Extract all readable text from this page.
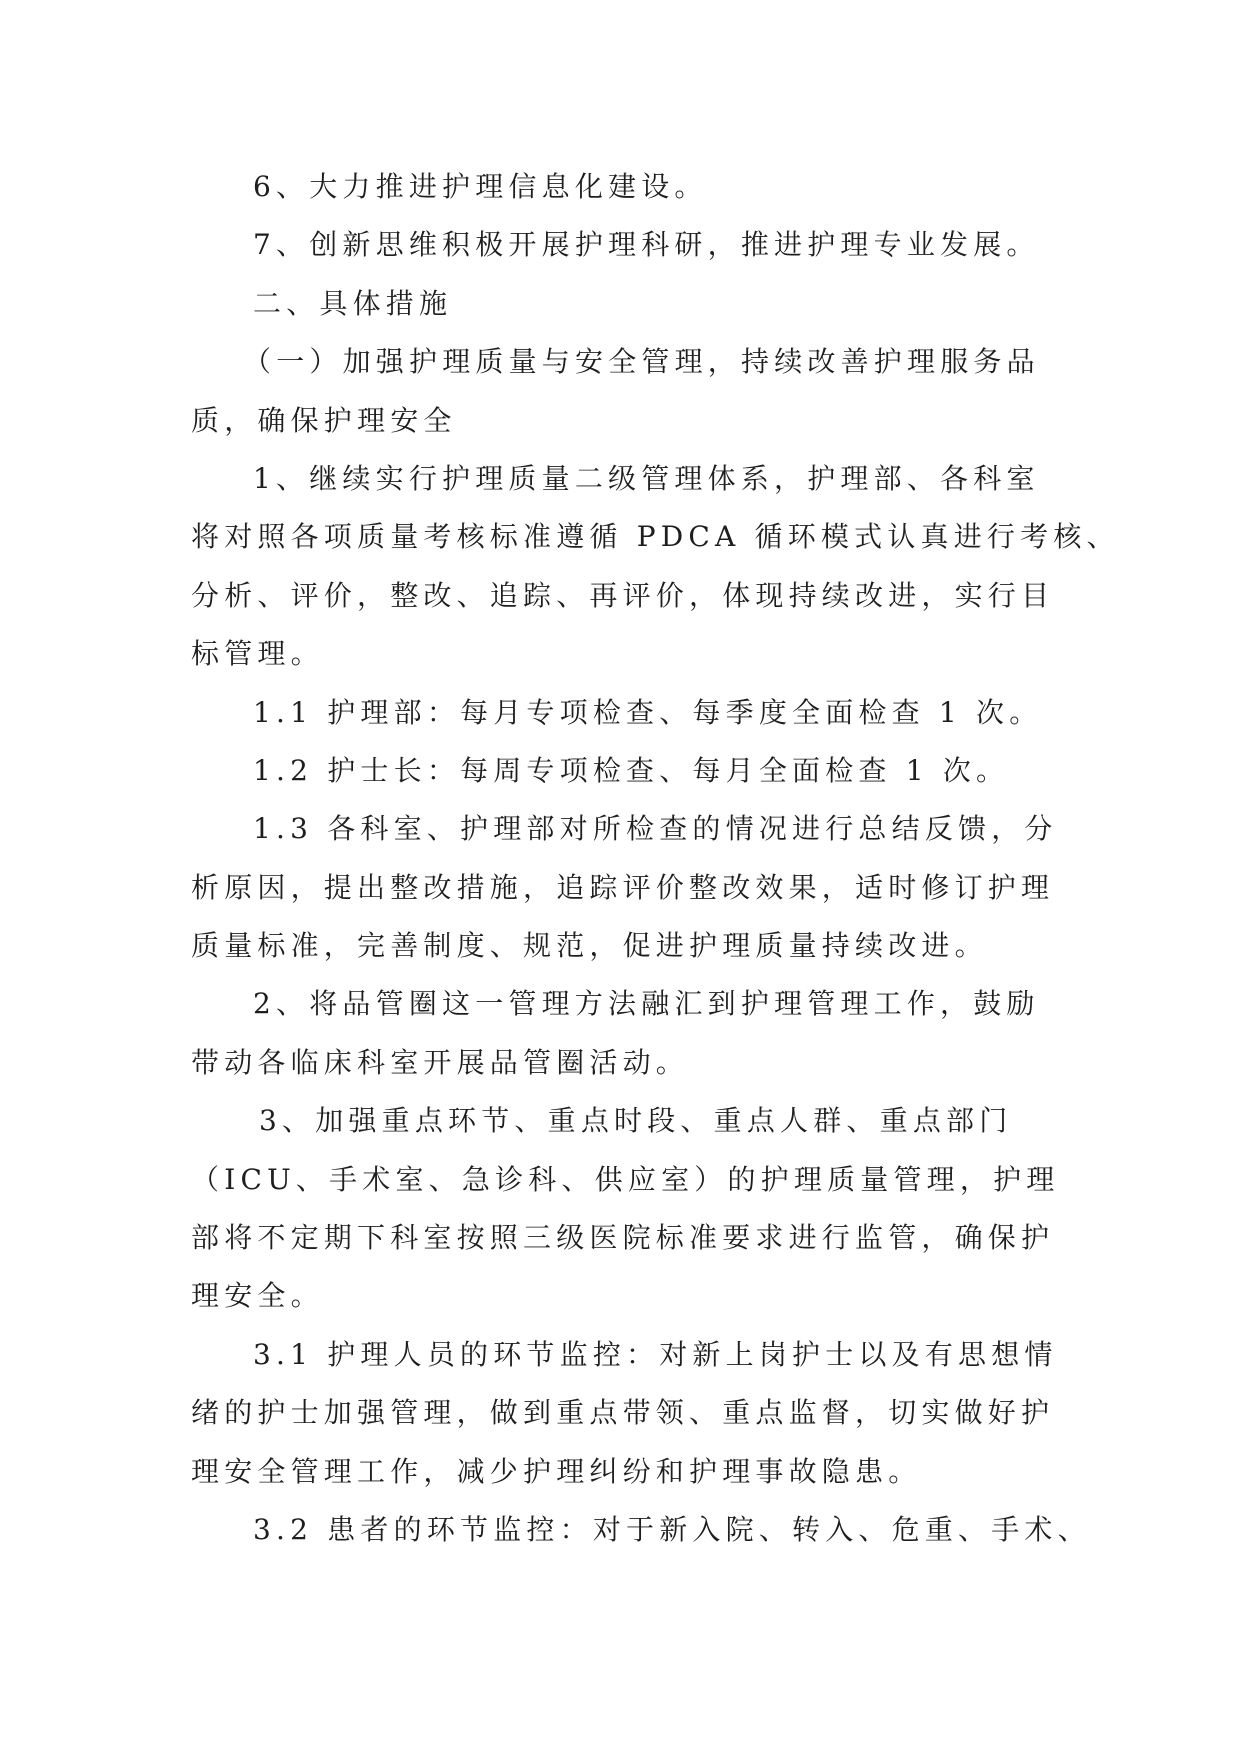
6、大力推进护理信息化建设。
7、创新思维积极开展护理科研，推进护理专业发展。
二、具体措施
（一）加强护理质量与安全管理，持续改善护理服务品
质，确保护理安全
1、继续实行护理质量二级管理体系，护理部、各科室
将对照各项质量考核标准遵循 PDCA 循环模式认真进行考核、
分析、评价，整改、追踪、再评价，体现持续改进，实行目
标管理。
1.1 护理部：每月专项检查、每季度全面检查 1 次。
1.2 护士长：每周专项检查、每月全面检查 1 次。
1.3 各科室、护理部对所检查的情况进行总结反馈，分
析原因，提出整改措施，追踪评价整改效果，适时修订护理
质量标准，完善制度、规范，促进护理质量持续改进。
2、将品管圈这一管理方法融汇到护理管理工作，鼓励
带动各临床科室开展品管圈活动。
3、加强重点环节、重点时段、重点人群、重点部门
（ICU、手术室、急诊科、供应室）的护理质量管理，护理
部将不定期下科室按照三级医院标准要求进行监管，确保护
理安全。
3.1 护理人员的环节监控：对新上岗护士以及有思想情
绪的护士加强管理，做到重点带领、重点监督，切实做好护
理安全管理工作，减少护理纠纷和护理事故隐患。
3.2 患者的环节监控：对于新入院、转入、危重、手术、
